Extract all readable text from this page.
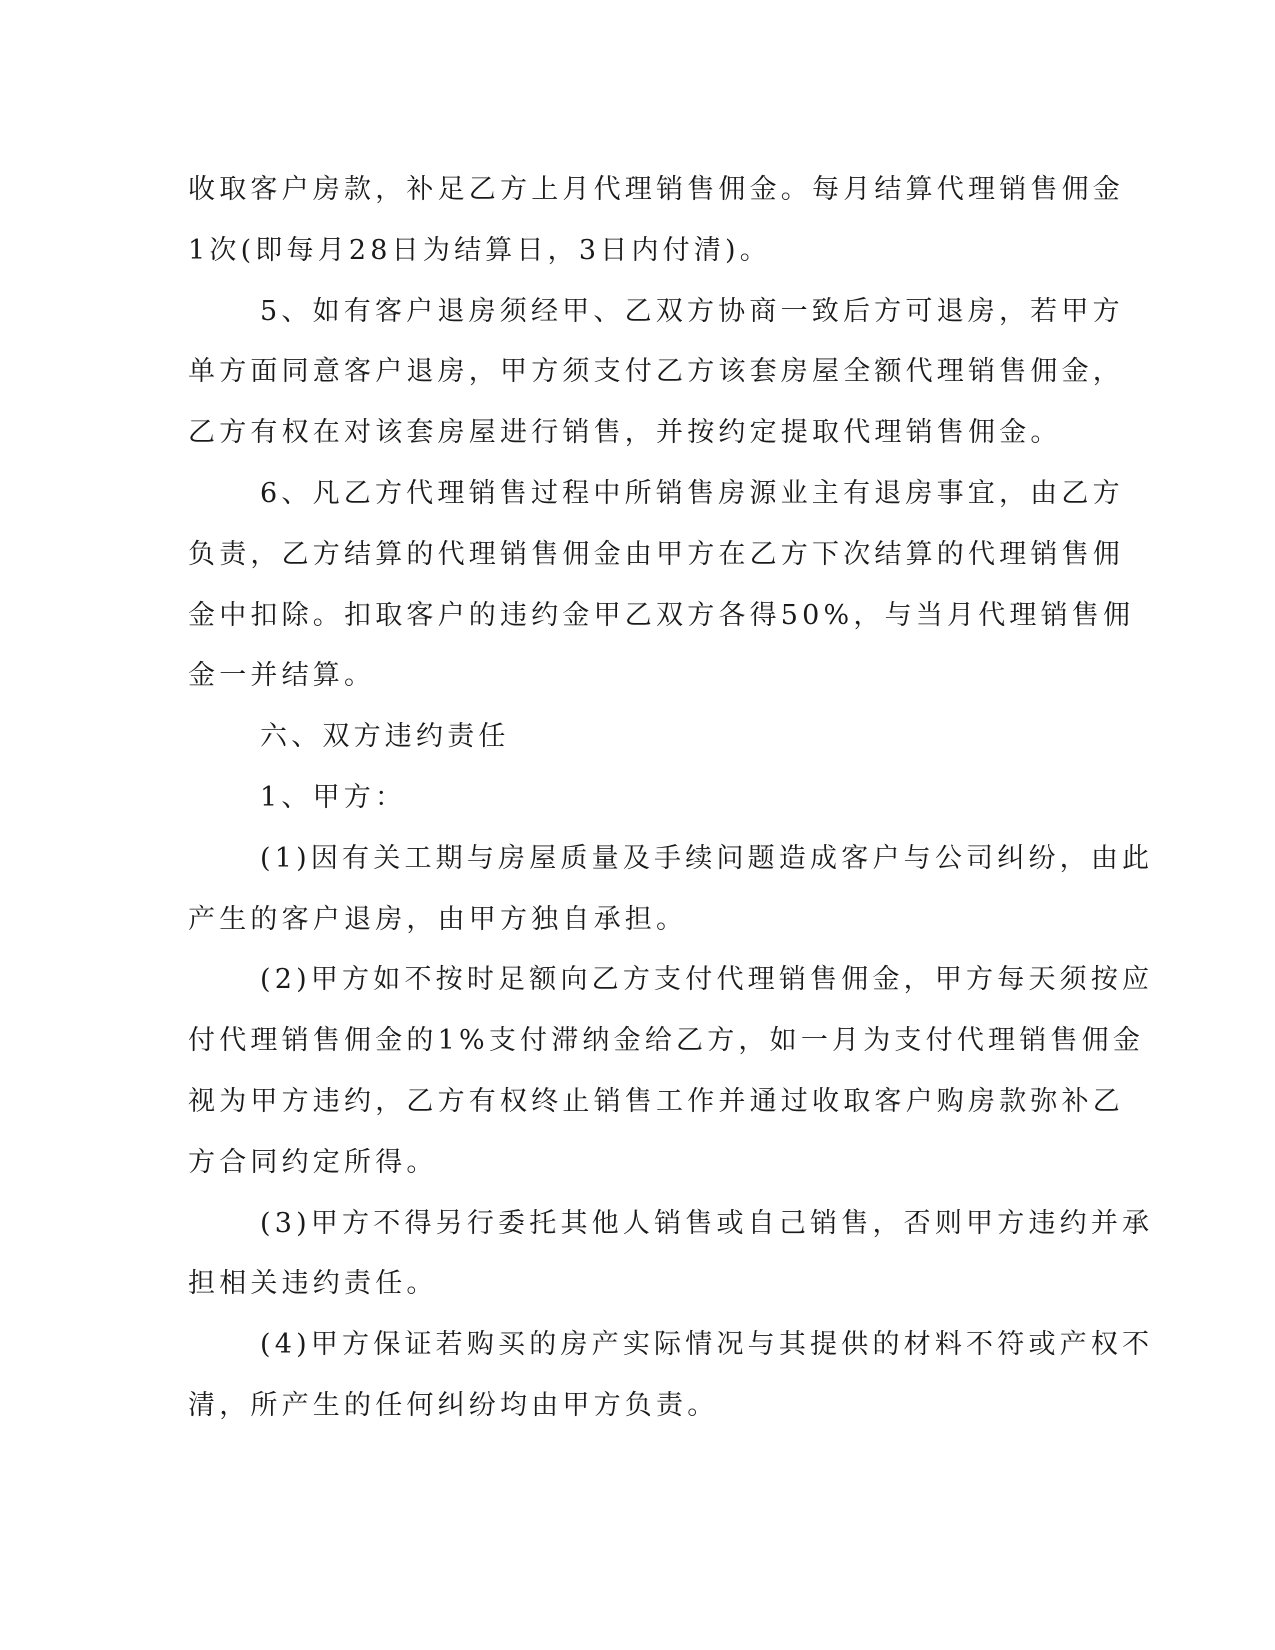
收取客户房款，补足乙方上月代理销售佣金。每月结算代理销售佣金
1次(即每月28日为结算日，3日内付清)。
5、如有客户退房须经甲、乙双方协商一致后方可退房，若甲方
单方面同意客户退房，甲方须支付乙方该套房屋全额代理销售佣金，
乙方有权在对该套房屋进行销售，并按约定提取代理销售佣金。
6、凡乙方代理销售过程中所销售房源业主有退房事宜，由乙方
负责，乙方结算的代理销售佣金由甲方在乙方下次结算的代理销售佣
金中扣除。扣取客户的违约金甲乙双方各得50%，与当月代理销售佣
金一并结算。
六、双方违约责任
1、甲方：
(1)因有关工期与房屋质量及手续问题造成客户与公司纠纷，由此
产生的客户退房，由甲方独自承担。
(2)甲方如不按时足额向乙方支付代理销售佣金，甲方每天须按应
付代理销售佣金的1%支付滞纳金给乙方，如一月为支付代理销售佣金
视为甲方违约，乙方有权终止销售工作并通过收取客户购房款弥补乙
方合同约定所得。
(3)甲方不得另行委托其他人销售或自己销售，否则甲方违约并承
担相关违约责任。
(4)甲方保证若购买的房产实际情况与其提供的材料不符或产权不
清，所产生的任何纠纷均由甲方负责。
